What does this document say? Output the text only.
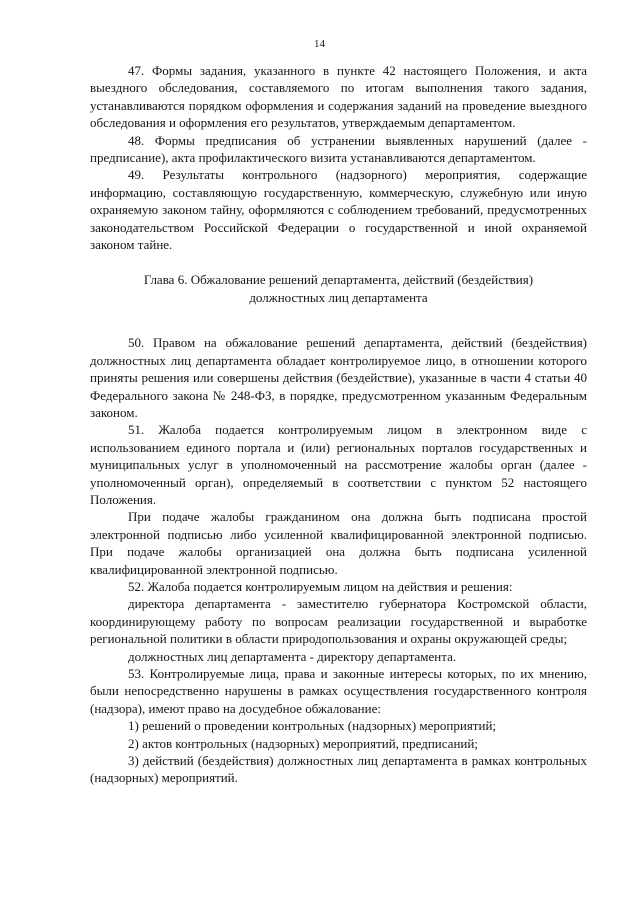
14

47. Формы задания, указанного в пункте 42 настоящего Положения, и акта выездного обследования, составляемого по итогам выполнения такого задания, устанавливаются порядком оформления и содержания заданий на проведение выездного обследования и оформления его результатов, утверждаемым департаментом.

48. Формы предписания об устранении выявленных нарушений (далее - предписание), акта профилактического визита устанавливаются департаментом.

49. Результаты контрольного (надзорного) мероприятия, содержащие информацию, составляющую государственную, коммерческую, служебную или иную охраняемую законом тайну, оформляются с соблюдением требований, предусмотренных законодательством Российской Федерации о государственной и иной охраняемой законом тайне.

Глава 6. Обжалование решений департамента, действий (бездействия)
должностных лиц департамента

50. Правом на обжалование решений департамента, действий (бездействия) должностных лиц департамента обладает контролируемое лицо, в отношении которого приняты решения или совершены действия (бездействие), указанные в части 4 статьи 40 Федерального закона № 248-ФЗ, в порядке, предусмотренном указанным Федеральным законом.

51. Жалоба подается контролируемым лицом в электронном виде с использованием единого портала и (или) региональных порталов государственных и муниципальных услуг в уполномоченный на рассмотрение жалобы орган (далее - уполномоченный орган), определяемый в соответствии с пунктом 52 настоящего Положения.

При подаче жалобы гражданином она должна быть подписана простой электронной подписью либо усиленной квалифицированной электронной подписью. При подаче жалобы организацией она должна быть подписана усиленной квалифицированной электронной подписью.

52. Жалоба подается контролируемым лицом на действия и решения:

директора департамента - заместителю губернатора Костромской области, координирующему работу по вопросам реализации государственной и выработке региональной политики в области природопользования и охраны окружающей среды;

должностных лиц департамента - директору департамента.

53. Контролируемые лица, права и законные интересы которых, по их мнению, были непосредственно нарушены в рамках осуществления государственного контроля (надзора), имеют право на досудебное обжалование:

1) решений о проведении контрольных (надзорных) мероприятий;

2) актов контрольных (надзорных) мероприятий, предписаний;

3) действий (бездействия) должностных лиц департамента в рамках контрольных (надзорных) мероприятий.
